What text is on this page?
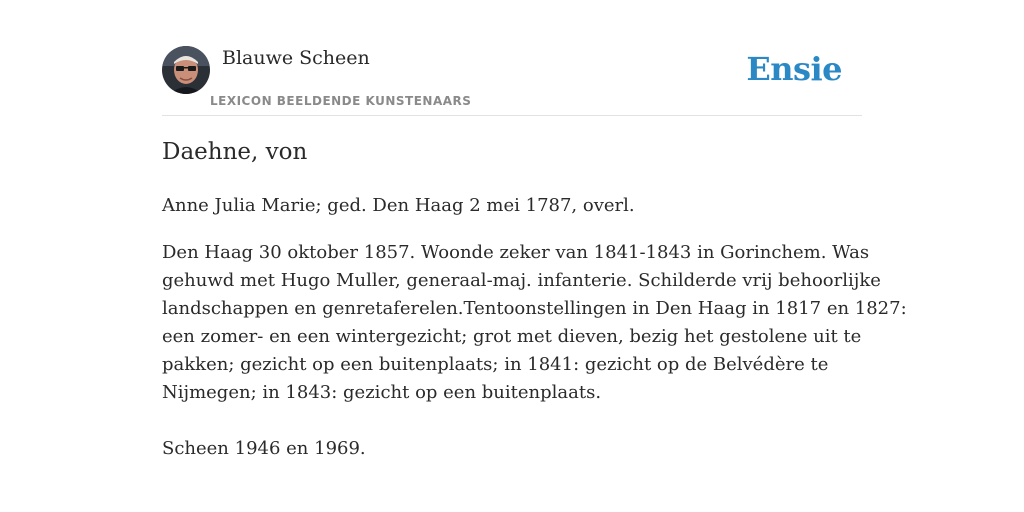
Blauwe Scheen
LEXICON BEELDENDE KUNSTENAARS
Ensie
Daehne, von

Anne Julia Marie; ged. Den Haag 2 mei 1787, overl.

Den Haag 30 oktober 1857. Woonde zeker van 1841-1843 in Gorinchem. Was
gehuwd met Hugo Muller, generaal-maj. infanterie. Schilderde vrij behoorlijke
landschappen en genretaferelen.Tentoonstellingen in Den Haag in 1817 en 1827:
een zomer- en een wintergezicht; grot met dieven, bezig het gestolene uit te
pakken; gezicht op een buitenplaats; in 1841: gezicht op de Belvédère te
Nijmegen; in 1843: gezicht op een buitenplaats.

Scheen 1946 en 1969.
